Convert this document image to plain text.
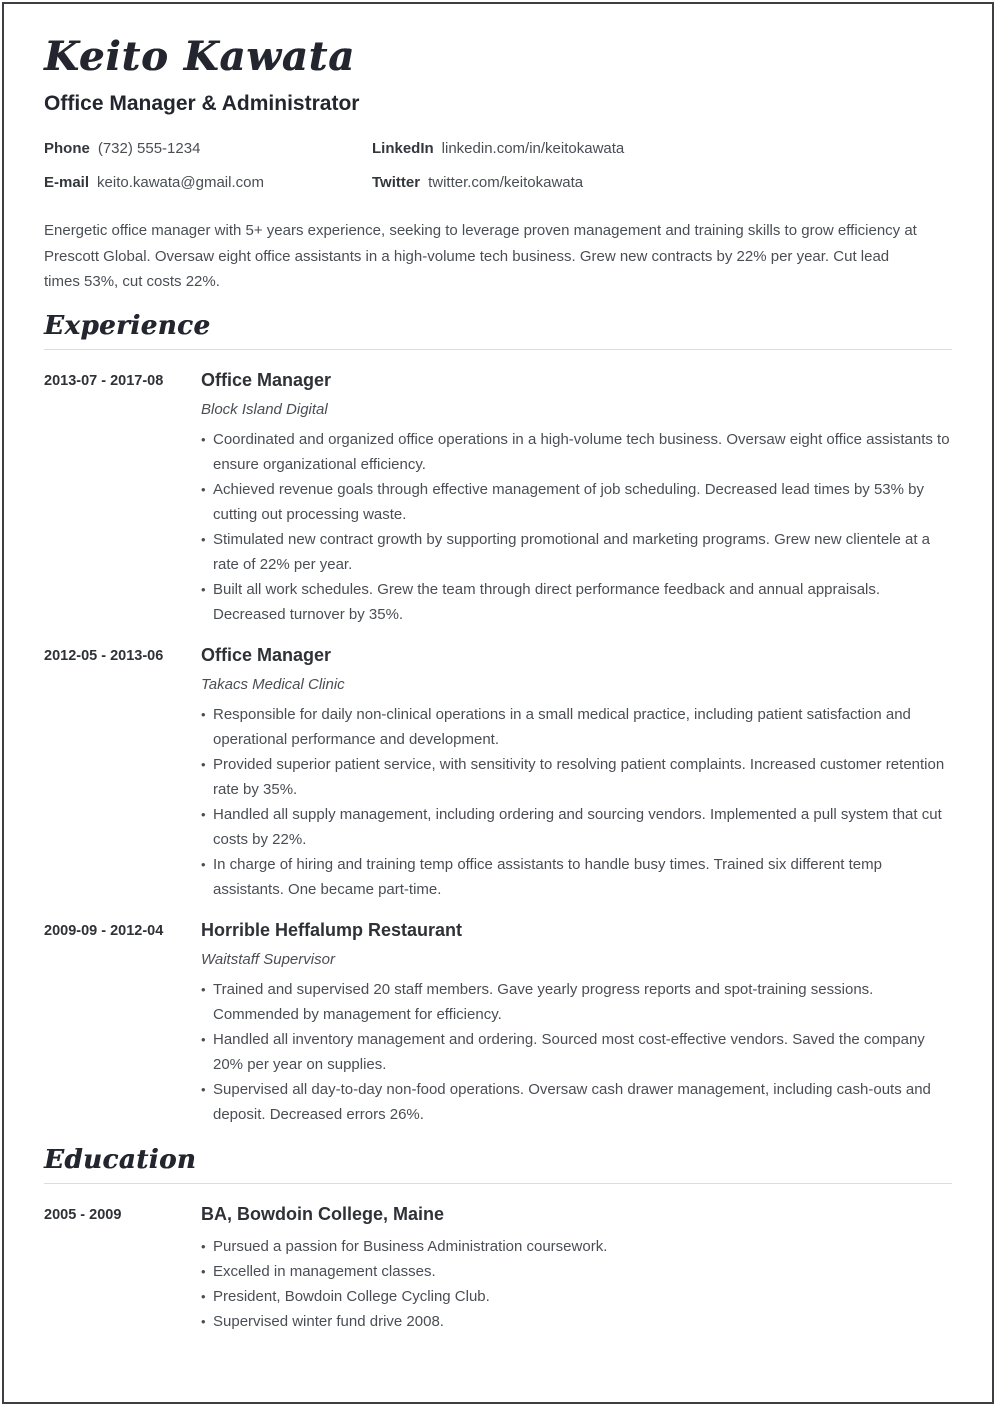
Keito Kawata
Office Manager & Administrator
Phone (732) 555-1234
E-mail keito.kawata@gmail.com
LinkedIn linkedin.com/in/keitokawata
Twitter twitter.com/keitokawata

Energetic office manager with 5+ years experience, seeking to leverage proven management and training skills to grow efficiency at Prescott Global. Oversaw eight office assistants in a high-volume tech business. Grew new contracts by 22% per year. Cut lead times 53%, cut costs 22%.

Experience
2013-07 - 2017-08	Office Manager
Block Island Digital
• Coordinated and organized office operations in a high-volume tech business. Oversaw eight office assistants to ensure organizational efficiency.
• Achieved revenue goals through effective management of job scheduling. Decreased lead times by 53% by cutting out processing waste.
• Stimulated new contract growth by supporting promotional and marketing programs. Grew new clientele at a rate of 22% per year.
• Built all work schedules. Grew the team through direct performance feedback and annual appraisals. Decreased turnover by 35%.
2012-05 - 2013-06	Office Manager
Takacs Medical Clinic
• Responsible for daily non-clinical operations in a small medical practice, including patient satisfaction and operational performance and development.
• Provided superior patient service, with sensitivity to resolving patient complaints. Increased customer retention rate by 35%.
• Handled all supply management, including ordering and sourcing vendors. Implemented a pull system that cut costs by 22%.
• In charge of hiring and training temp office assistants to handle busy times. Trained six different temp assistants. One became part-time.
2009-09 - 2012-04	Horrible Heffalump Restaurant
Waitstaff Supervisor
• Trained and supervised 20 staff members. Gave yearly progress reports and spot-training sessions. Commended by management for efficiency.
• Handled all inventory management and ordering. Sourced most cost-effective vendors. Saved the company 20% per year on supplies.
• Supervised all day-to-day non-food operations. Oversaw cash drawer management, including cash-outs and deposit. Decreased errors 26%.
Education
2005 - 2009	BA, Bowdoin College, Maine
• Pursued a passion for Business Administration coursework.
• Excelled in management classes.
• President, Bowdoin College Cycling Club.
• Supervised winter fund drive 2008.
